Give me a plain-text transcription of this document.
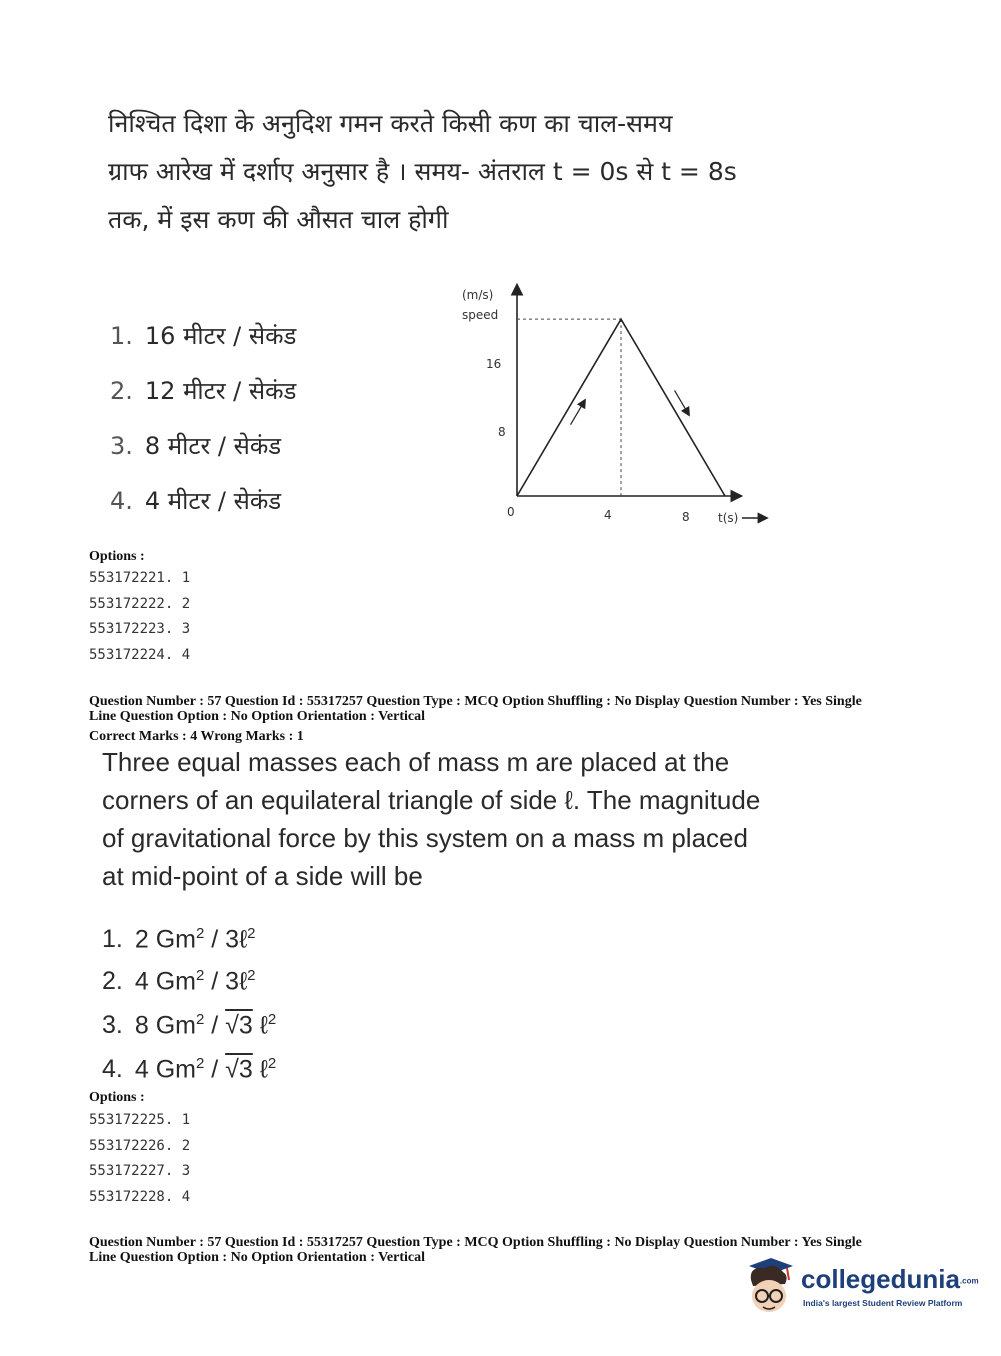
निश्चित दिशा के अनुदिश गमन करते किसी कण का चाल-समय
ग्राफ आरेख में दर्शाए अनुसार है । समय- अंतराल t = 0s से t = 8s
तक, में इस कण की औसत चाल होगी
1. 16 मीटर / सेकंड
2. 12 मीटर / सेकंड
3. 8 मीटर / सेकंड
4. 4 मीटर / सेकंड
(m/s)
speed
16
8
0	4	8 t(s)
Options :
553172221. 1
553172222. 2
553172223. 3
553172224. 4
Question Number : 57 Question Id : 55317257 Question Type : MCQ Option Shuffling : No Display Question Number : Yes Single
Line Question Option : No Option Orientation : Vertical
Correct Marks : 4 Wrong Marks : 1
Three equal masses each of mass m are placed at the
corners of an equilateral triangle of side ℓ. The magnitude
of gravitational force by this system on a mass m placed
at mid-point of a side will be
1. 2 Gm$^2$ / 3ℓ$^2$
2. 4 Gm$^2$ / 3ℓ$^2$
3. 8 Gm$^2$ / √3 ℓ$^2$
4. 4 Gm$^2$ / √3 ℓ$^2$
Options :
553172225. 1
553172226. 2
553172227. 3
553172228. 4
Question Number : 57 Question Id : 55317257 Question Type : MCQ Option Shuffling : No Display Question Number : Yes Single
Line Question Option : No Option Orientation : Vertical
collegedunia.com
India's largest Student Review Platform
